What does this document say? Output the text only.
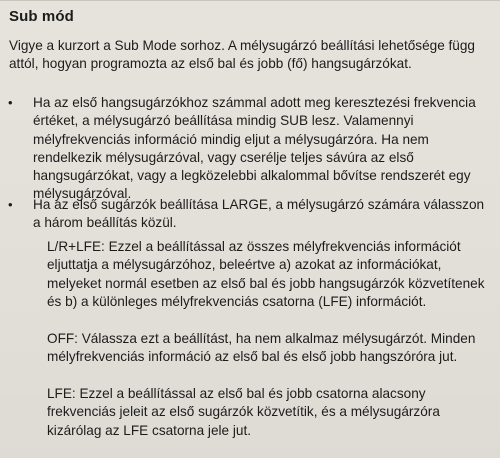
Sub mód

Vigye a kurzort a Sub Mode sorhoz. A mélysugárzó beállítási lehetősége függ attól, hogyan programozta az első bal és jobb (fő) hangsugárzókat.

• Ha az első hangsugárzókhoz számmal adott meg keresztezési frekvencia értéket, a mélysugárzó beállítása mindig SUB lesz. Valamennyi mélyfrekvenciás információ mindig eljut a mélysugárzóra. Ha nem rendelkezik mélysugárzóval, vagy cserélje teljes sávúra az első hangsugárzókat, vagy a legközelebbi alkalommal bővítse rendszerét egy mélysugárzóval.

• Ha az első sugárzók beállítása LARGE, a mélysugárzó számára válasszon a három beállítás közül.

L/R+LFE: Ezzel a beállítással az összes mélyfrekvenciás információt eljuttatja a mélysugárzóhoz, beleértve a) azokat az információkat, melyeket normál esetben az első bal és jobb hangsugárzók közvetítenek és b) a különleges mélyfrekvenciás csatorna (LFE) információt.

OFF: Válassza ezt a beállítást, ha nem alkalmaz mélysugárzót. Minden mélyfrekvenciás információ az első bal és első jobb hangszóróra jut.

LFE: Ezzel a beállítással az első bal és jobb csatorna alacsony frekvenciás jeleit az első sugárzók közvetítik, és a mélysugárzóra kizárólag az LFE csatorna jele jut.
